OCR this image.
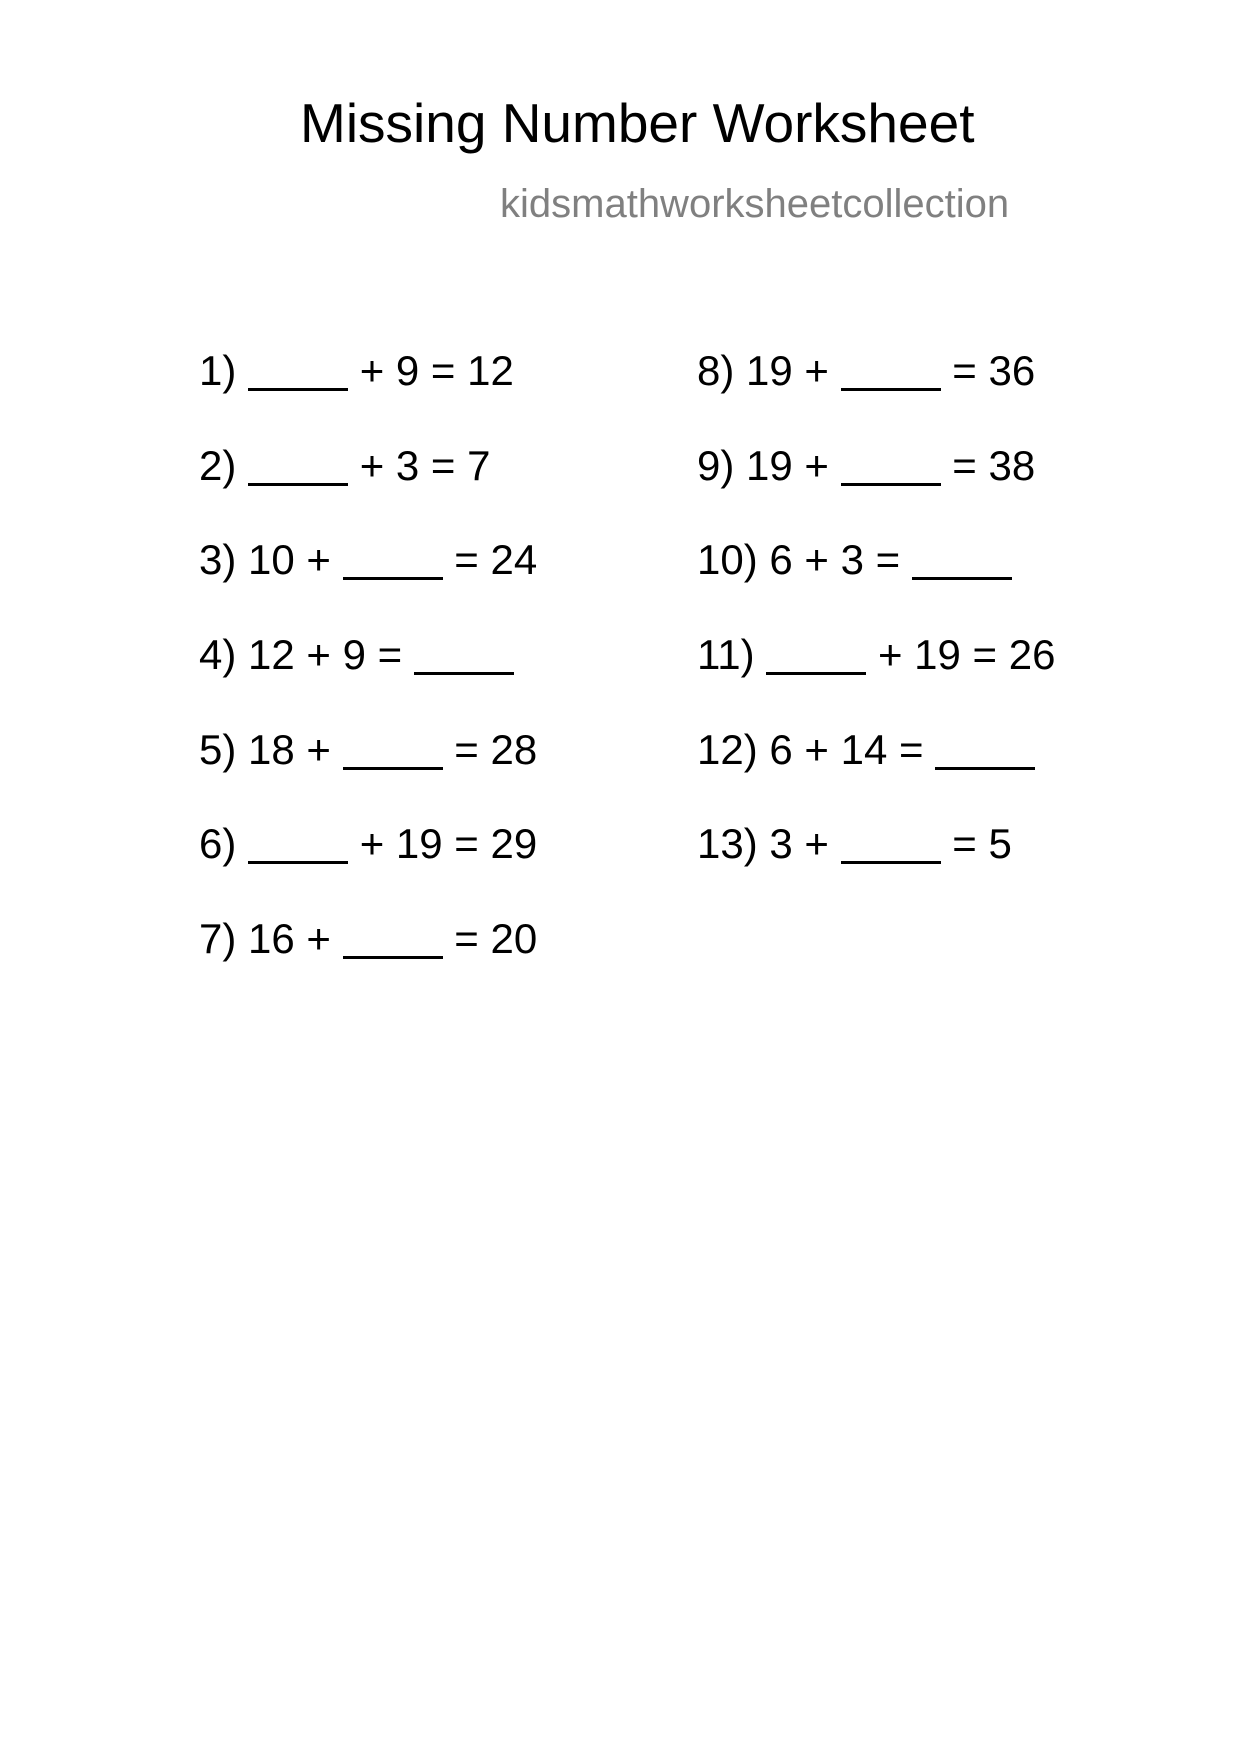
Missing Number Worksheet
kidsmathworksheetcollection
1)	+ 9 = 12
2)	+ 3 = 7
3) 10 +	= 24
4) 12 + 9 =
5) 18 +	= 28
6)	+ 19 = 29
7) 16 +	= 20
8) 19 +	= 36
9) 19 +	= 38
10) 6 + 3 =
11)	+ 19 = 26
12) 6 + 14 =
13) 3 +	= 5
